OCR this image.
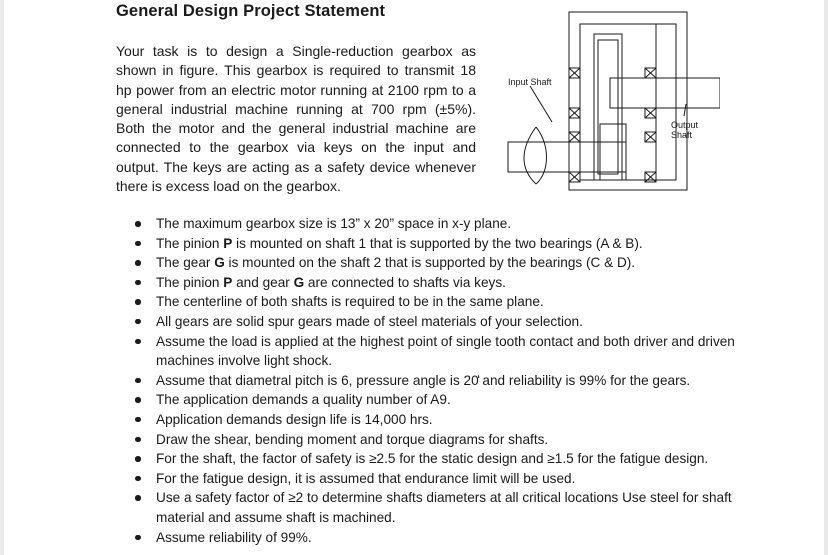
General Design Project Statement
Your task is to design a Single-reduction gearbox as shown in figure. This gearbox is required to transmit 18 hp power from an electric motor running at 2100 rpm to a general industrial machine running at 700 rpm (±5%). Both the motor and the general industrial machine are connected to the gearbox via keys on the input and output. The keys are acting as a safety device whenever there is excess load on the gearbox.
Input Shaft
Output
Shaft
The maximum gearbox size is 13” x 20” space in x-y plane.
The pinion P is mounted on shaft 1 that is supported by the two bearings (A & B).
The gear G is mounted on the shaft 2 that is supported by the bearings (C & D).
The pinion P and gear G are connected to shafts via keys.
The centerline of both shafts is required to be in the same plane.
All gears are solid spur gears made of steel materials of your selection.
Assume the load is applied at the highest point of single tooth contact and both driver and driven machines involve light shock.
Assume that diametral pitch is 6, pressure angle is 20̒ and reliability is 99% for the gears.
The application demands a quality number of A9.
Application demands design life is 14,000 hrs.
Draw the shear, bending moment and torque diagrams for shafts.
For the shaft, the factor of safety is ≥2.5 for the static design and ≥1.5 for the fatigue design.
For the fatigue design, it is assumed that endurance limit will be used.
Use a safety factor of ≥2 to determine shafts diameters at all critical locations Use steel for shaft material and assume shaft is machined.
Assume reliability of 99%.
